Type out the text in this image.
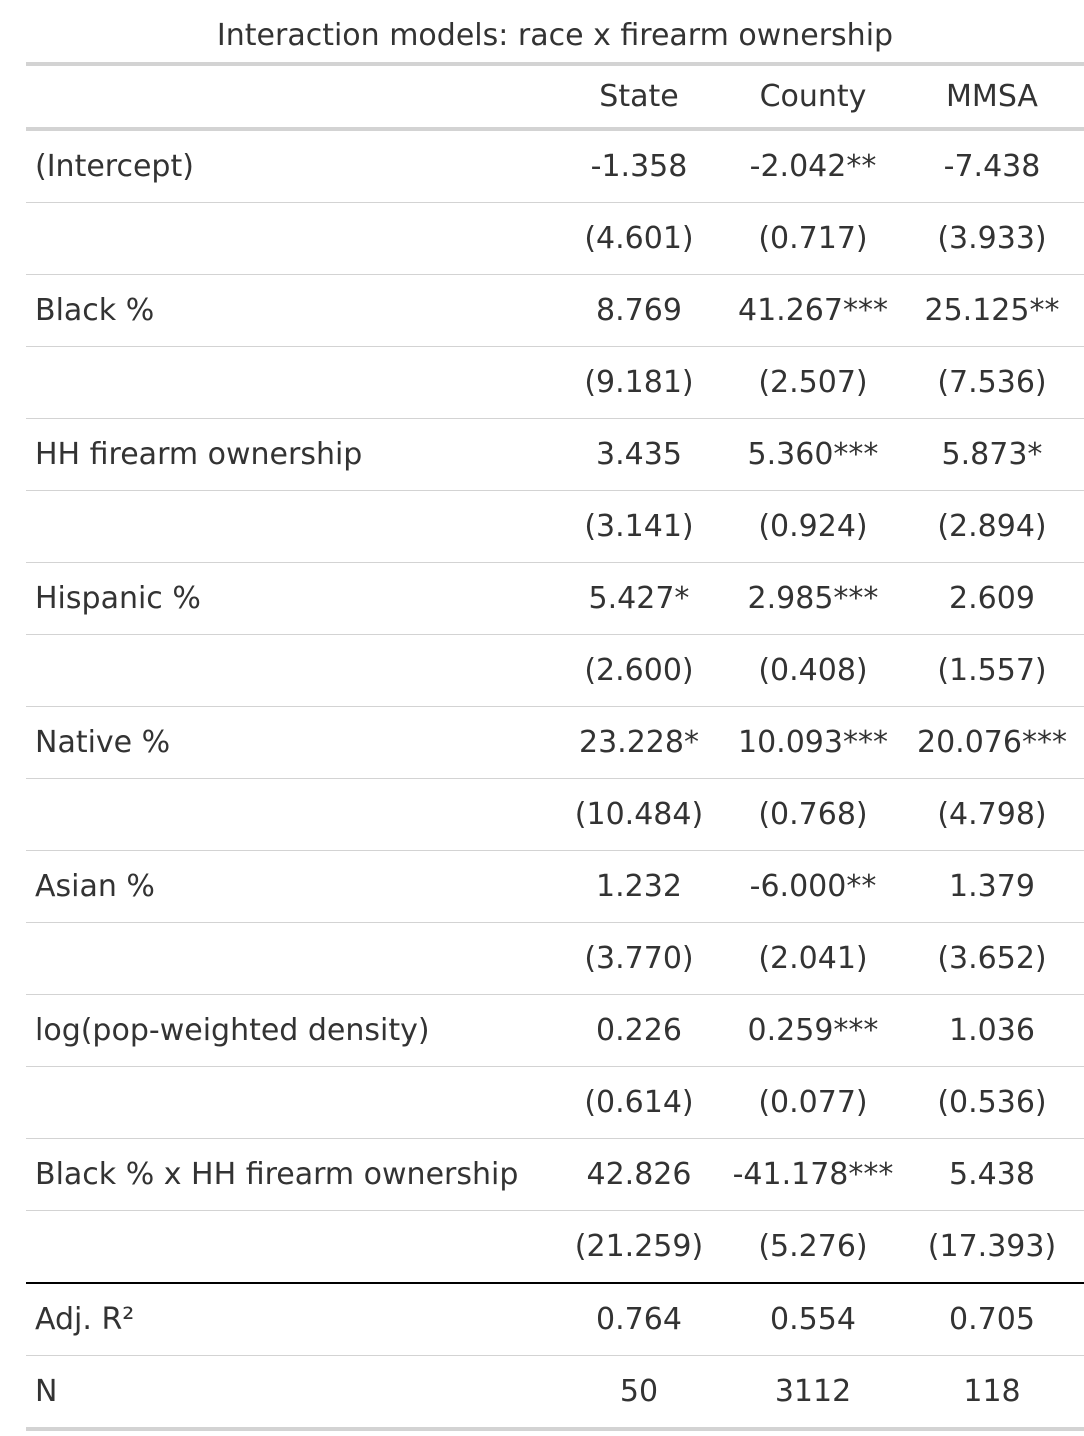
Interaction models: race x firearm ownership
	State	County	MMSA
(Intercept)	-1.358	-2.042**	-7.438
	(4.601)	(0.717)	(3.933)
Black %	8.769	41.267***	25.125**
	(9.181)	(2.507)	(7.536)
HH firearm ownership	3.435	5.360***	5.873*
	(3.141)	(0.924)	(2.894)
Hispanic %	5.427*	2.985***	2.609
	(2.600)	(0.408)	(1.557)
Native %	23.228*	10.093***	20.076***
	(10.484)	(0.768)	(4.798)
Asian %	1.232	-6.000**	1.379
	(3.770)	(2.041)	(3.652)
log(pop-weighted density)	0.226	0.259***	1.036
	(0.614)	(0.077)	(0.536)
Black % x HH firearm ownership	42.826	-41.178***	5.438
	(21.259)	(5.276)	(17.393)
Adj. R²	0.764	0.554	0.705
N	50	3112	118
